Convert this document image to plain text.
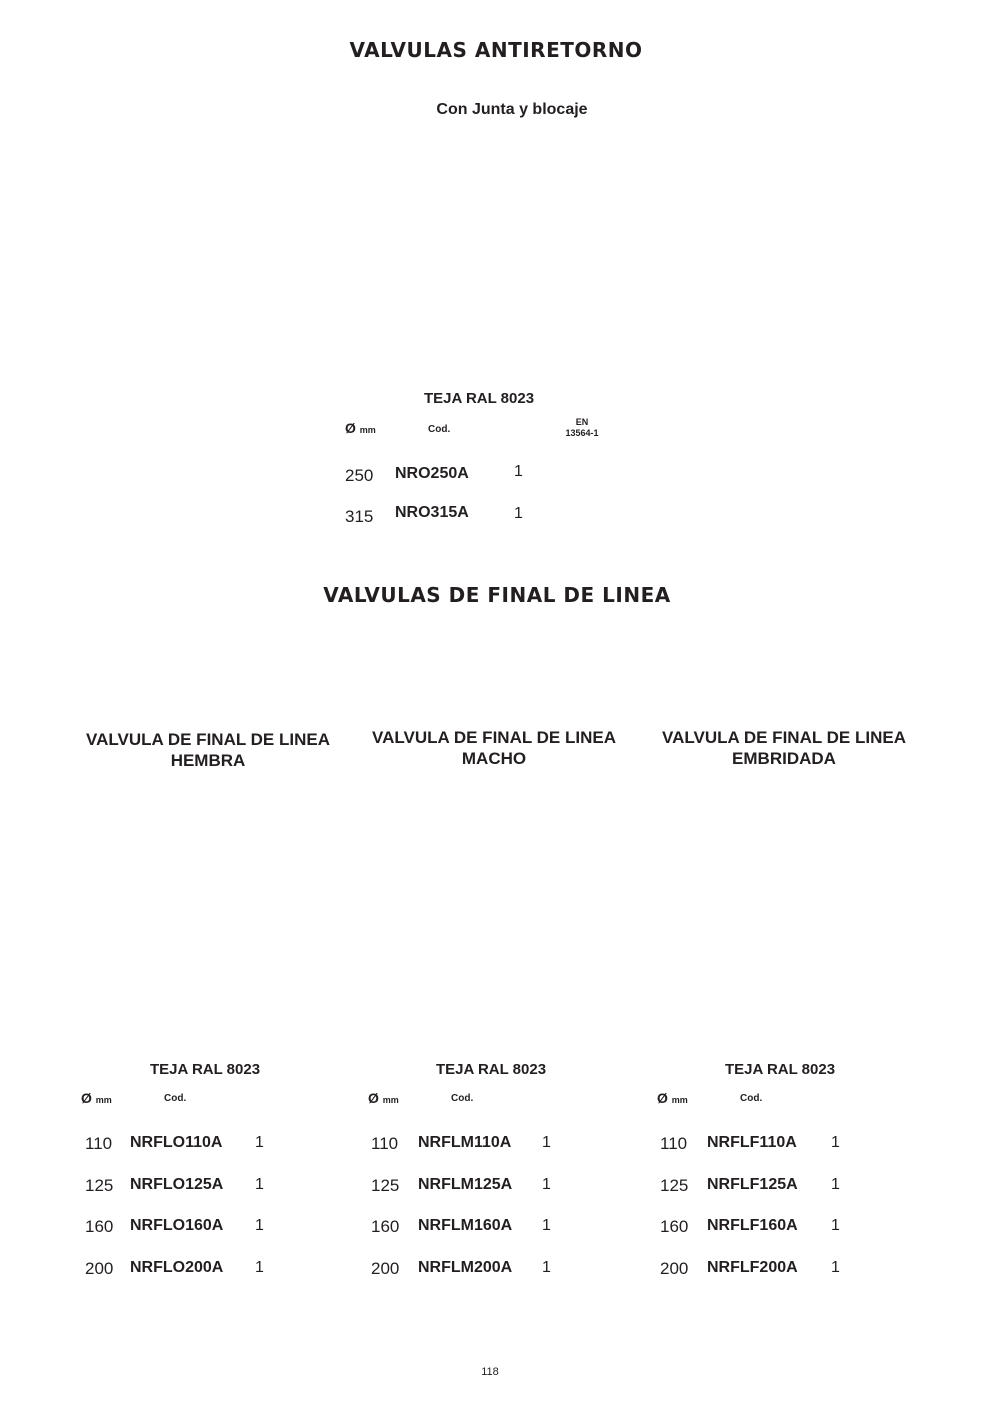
VALVULAS ANTIRETORNO
Con Junta y blocaje
TEJA RAL 8023
Ø mm	Cod.
EN
13564-1
250 NRO250A	1
315 NRO315A	1
VALVULAS DE FINAL DE LINEA
VALVULA DE FINAL DE LINEA
HEMBRA
TEJA RAL 8023
Ø mm	Cod.
110 NRFLO110A 1
125 NRFLO125A 1
160 NRFLO160A 1
200 NRFLO200A 1
VALVULA DE FINAL DE LINEA
MACHO
TEJA RAL 8023
Ø mm	Cod.
110 NRFLM110A 1
125 NRFLM125A 1
160 NRFLM160A 1
200 NRFLM200A 1
VALVULA DE FINAL DE LINEA
EMBRIDADA
TEJA RAL 8023
Ø mm	Cod.
110 NRFLF110A 1
125 NRFLF125A 1
160 NRFLF160A 1
200 NRFLF200A 1
118
